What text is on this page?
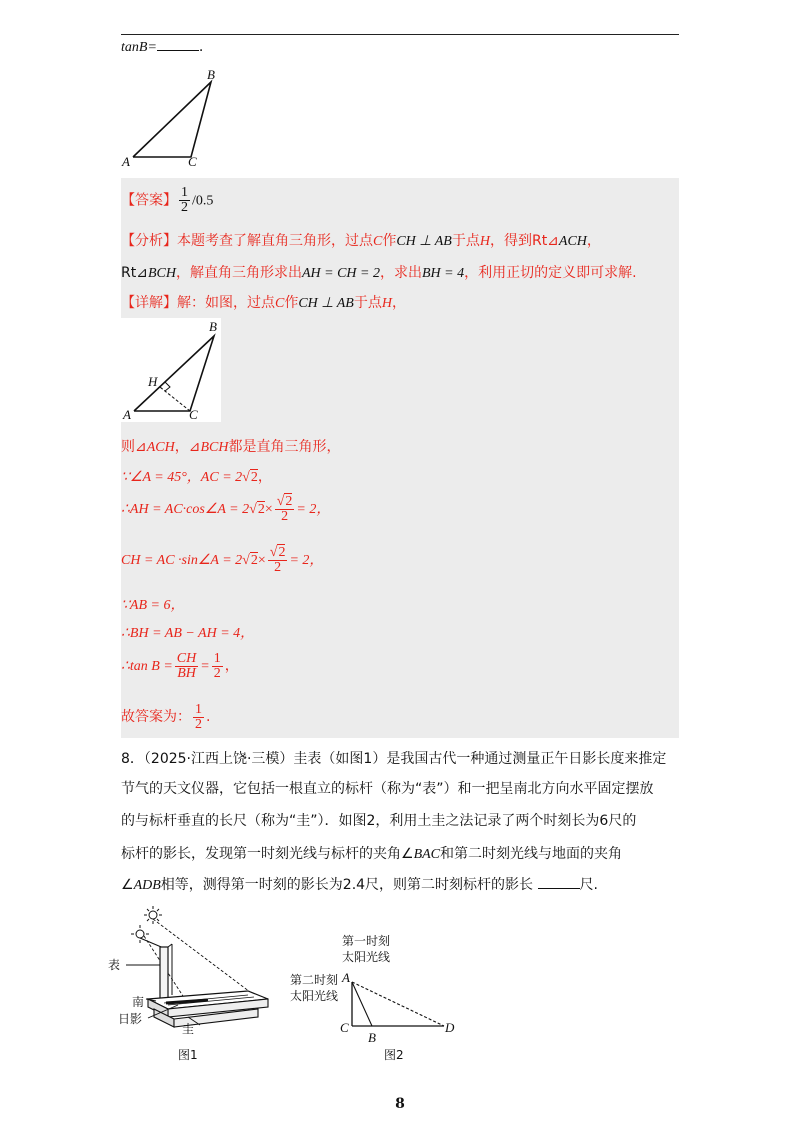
tanB=	.
A
B
C
【答案】 $\frac{1}{2} /0.5$
【分析】本题考查了解直角三角形，过点C作CH ⊥ AB于点H，得到Rt⊿ACH，
Rt⊿BCH，解直角三角形求出AH = CH = 2，求出BH = 4，利用正切的定义即可求解.
【详解】解：如图，过点C作CH ⊥ AB于点H，
A
B
C
H
则⊿ACH，⊿BCH都是直角三角形，
∵∠A = 45°，AC = 2√2，
∴AH = AC·cos∠A = $2√2\times \frac{√2}{2} = 2$，
CH = AC ·sin∠A = $2√2\times \frac{√2}{2} = 2$，
∵AB = 6，
∴BH = AB − AH = 4，
∴tan $B = \frac{CH}{BH} = \frac{1}{2}$ ，
故答案为： $\frac{1}{2}$ .
8．（2025·江西上饶·三模）圭表（如图1）是我国古代一种通过测量正午日影长度来推定
节气的天文仪器，它包括一根直立的标杆（称为“表”）和一把呈南北方向水平固定摆放
的与标杆垂直的长尺（称为“圭”）．如图2，利用土圭之法记录了两个时刻长为6尺的
标杆的影长，发现第一时刻光线与标杆的夹角∠BAC和第二时刻光线与地面的夹角
∠ADB相等，测得第一时刻的影长为2.4尺，则第二时刻标杆的影长	尺.
表
南
日影
圭
图1
第一时刻
太阳光线
第二时刻
太阳光线
A
B
C	D
图2
8
